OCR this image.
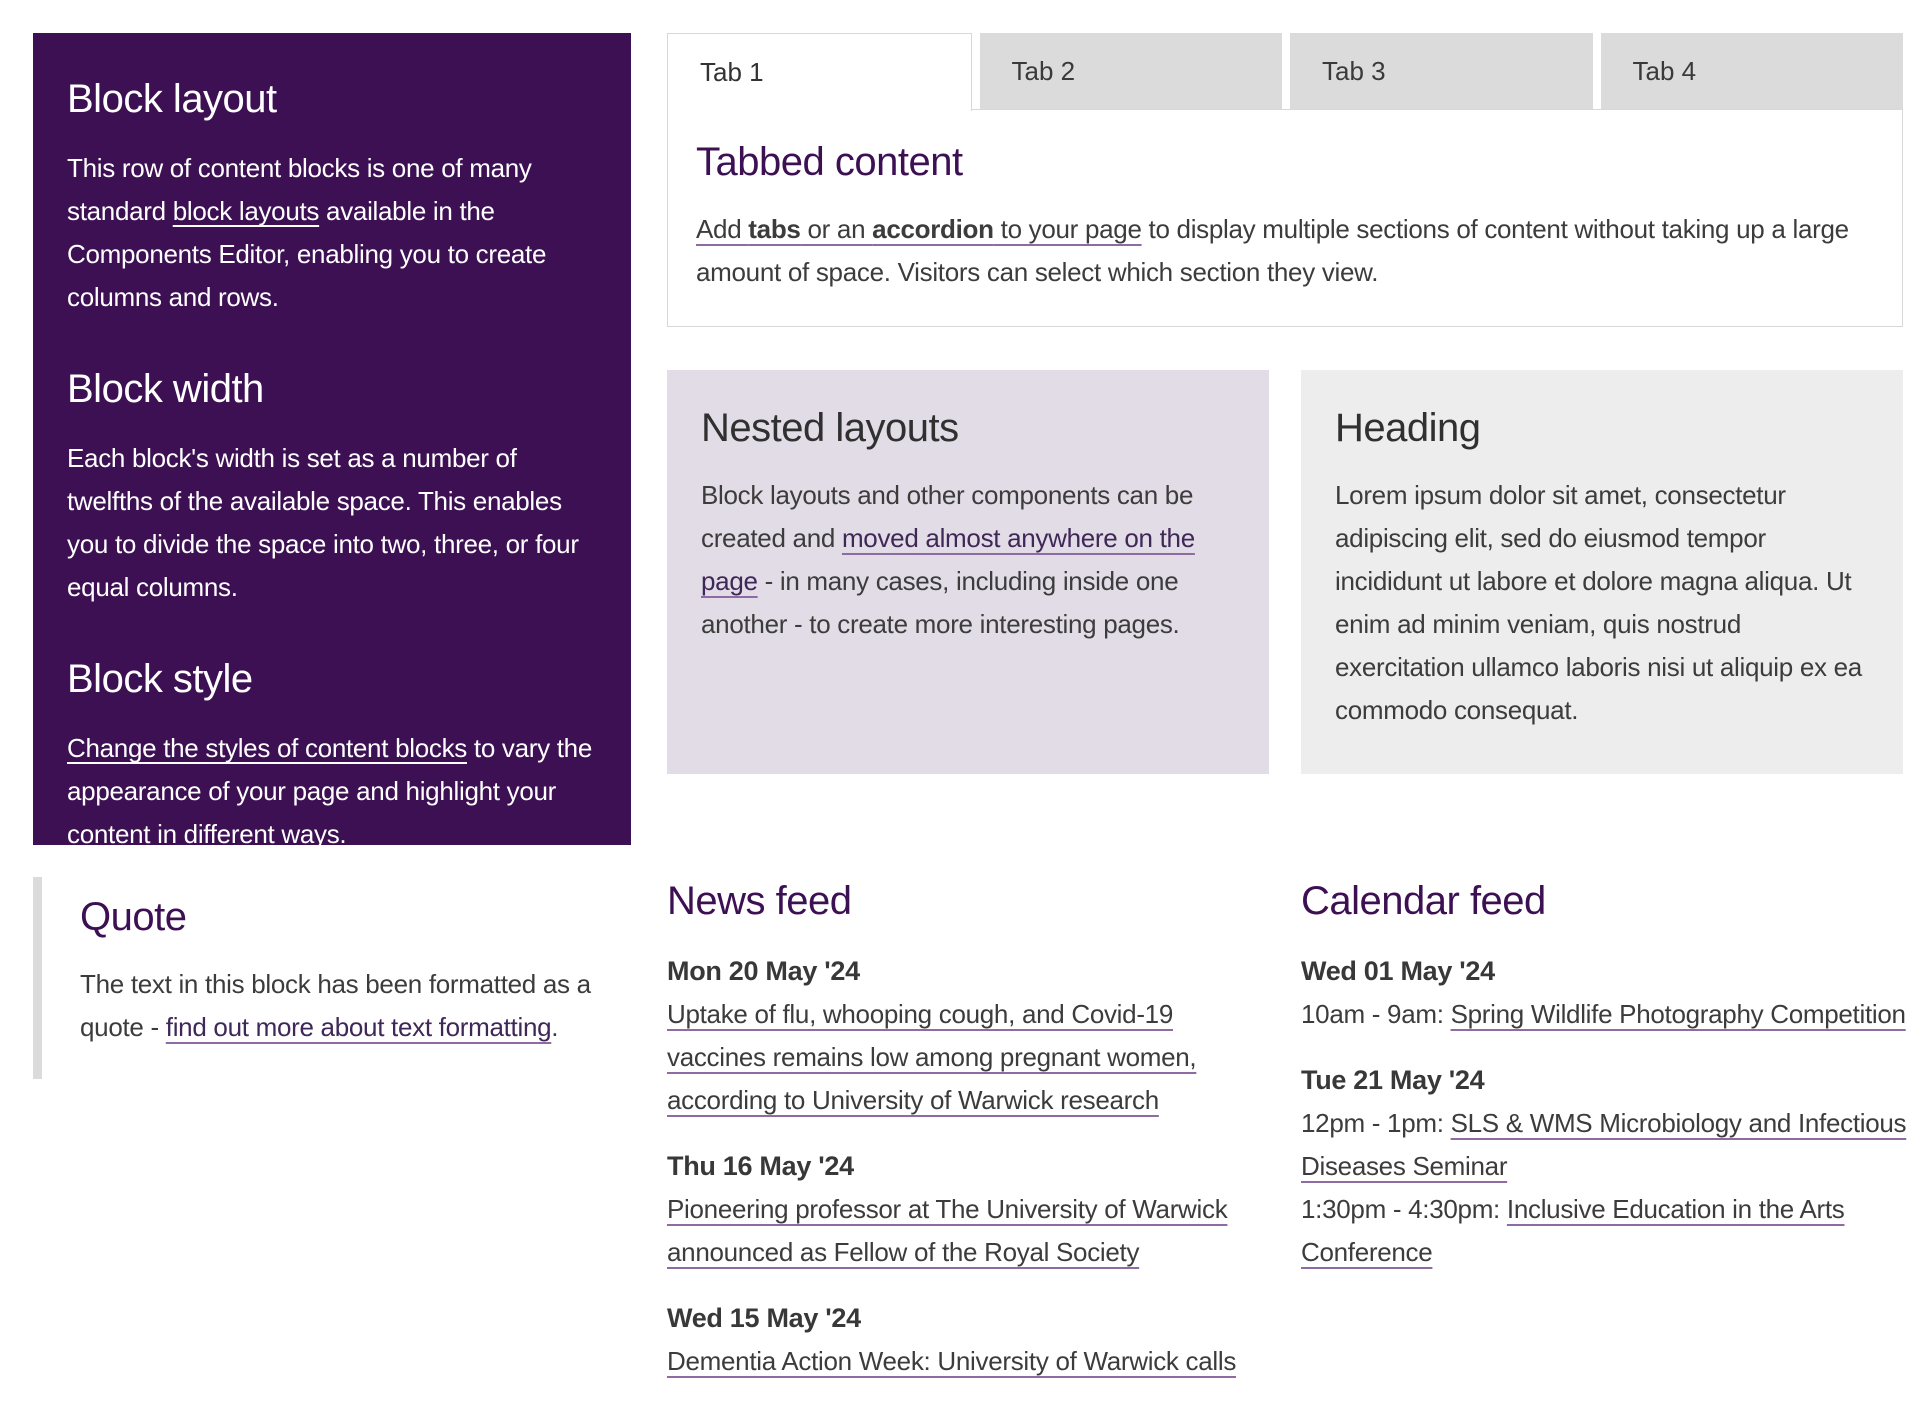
Block layout

This row of content blocks is one of many standard block layouts available in the Components Editor, enabling you to create columns and rows.

Block width

Each block's width is set as a number of twelfths of the available space. This enables you to divide the space into two, three, or four equal columns.

Block style

Change the styles of content blocks to vary the appearance of your page and highlight your content in different ways.

Tab 1	Tab 2	Tab 3	Tab 4
Tabbed content

Add tabs or an accordion to your page to display multiple sections of content without taking up a large amount of space. Visitors can select which section they view.

Nested layouts

Block layouts and other components can be created and moved almost anywhere on the page - in many cases, including inside one another - to create more interesting pages.

Heading

Lorem ipsum dolor sit amet, consectetur adipiscing elit, sed do eiusmod tempor incididunt ut labore et dolore magna aliqua. Ut enim ad minim veniam, quis nostrud exercitation ullamco laboris nisi ut aliquip ex ea commodo consequat.

Quote

The text in this block has been formatted as a quote - find out more about text formatting.

News feed
Mon 20 May '24
Uptake of flu, whooping cough, and Covid-19 vaccines remains low among pregnant women, according to University of Warwick research
Thu 16 May '24
Pioneering professor at The University of Warwick announced as Fellow of the Royal Society
Wed 15 May '24
Dementia Action Week: University of Warwick calls
Calendar feed
Wed 01 May '24
10am - 9am: Spring Wildlife Photography Competition
Tue 21 May '24
12pm - 1pm: SLS & WMS Microbiology and Infectious Diseases Seminar
1:30pm - 4:30pm: Inclusive Education in the Arts Conference
